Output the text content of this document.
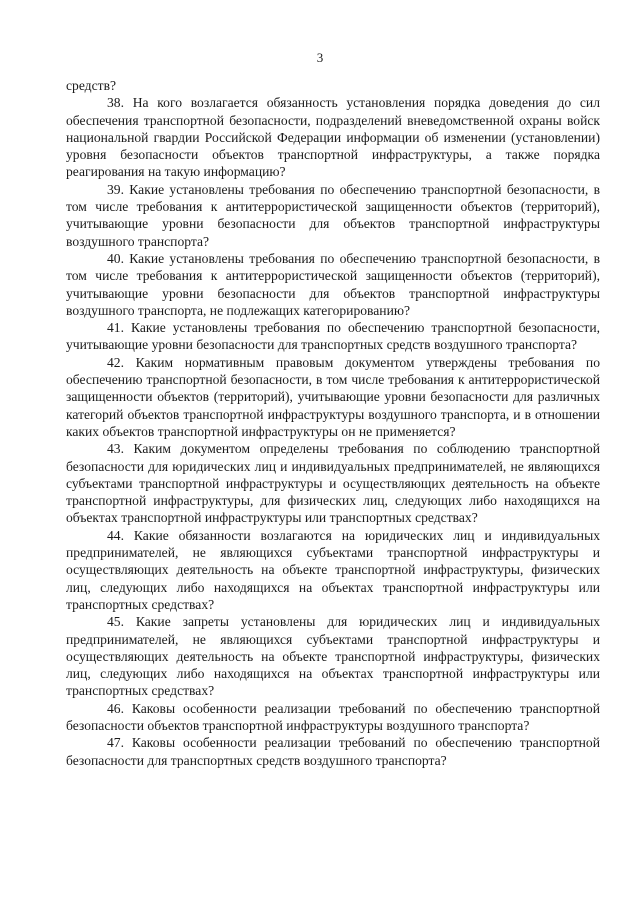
3

средств?

38. На кого возлагается обязанность установления порядка доведения до сил обеспечения транспортной безопасности, подразделений вневедомственной охраны войск национальной гвардии Российской Федерации информации об изменении (установлении) уровня безопасности объектов транспортной инфраструктуры, а также порядка реагирования на такую информацию?

39. Какие установлены требования по обеспечению транспортной безопасности, в том числе требования к антитеррористической защищенности объектов (территорий), учитывающие уровни безопасности для объектов транспортной инфраструктуры воздушного транспорта?

40. Какие установлены требования по обеспечению транспортной безопасности, в том числе требования к антитеррористической защищенности объектов (территорий), учитывающие уровни безопасности для объектов транспортной инфраструктуры воздушного транспорта, не подлежащих категорированию?

41. Какие установлены требования по обеспечению транспортной безопасности, учитывающие уровни безопасности для транспортных средств воздушного транспорта?

42. Каким нормативным правовым документом утверждены требования по обеспечению транспортной безопасности, в том числе требования к антитеррористической защищенности объектов (территорий), учитывающие уровни безопасности для различных категорий объектов транспортной инфраструктуры воздушного транспорта, и в отношении каких объектов транспортной инфраструктуры он не применяется?

43. Каким документом определены требования по соблюдению транспортной безопасности для юридических лиц и индивидуальных предпринимателей, не являющихся субъектами транспортной инфраструктуры и осуществляющих деятельность на объекте транспортной инфраструктуры, для физических лиц, следующих либо находящихся на объектах транспортной инфраструктуры или транспортных средствах?

44. Какие обязанности возлагаются на юридических лиц и индивидуальных предпринимателей, не являющихся субъектами транспортной инфраструктуры и осуществляющих деятельность на объекте транспортной инфраструктуры, физических лиц, следующих либо находящихся на объектах транспортной инфраструктуры или транспортных средствах?

45. Какие запреты установлены для юридических лиц и индивидуальных предпринимателей, не являющихся субъектами транспортной инфраструктуры и осуществляющих деятельность на объекте транспортной инфраструктуры, физических лиц, следующих либо находящихся на объектах транспортной инфраструктуры или транспортных средствах?

46. Каковы особенности реализации требований по обеспечению транспортной безопасности объектов транспортной инфраструктуры воздушного транспорта?

47. Каковы особенности реализации требований по обеспечению транспортной безопасности для транспортных средств воздушного транспорта?
